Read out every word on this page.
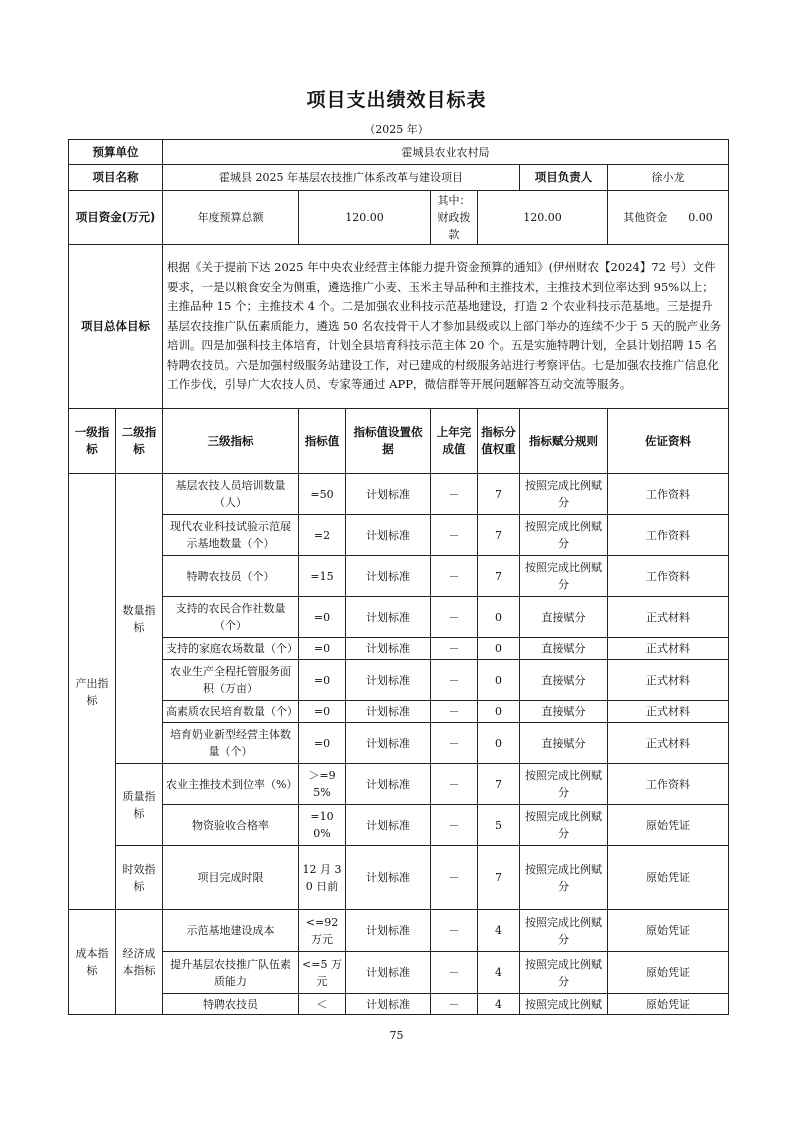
项目支出绩效目标表
（2025 年）
预算单位		霍城县农业农村局						
项目名称		霍城县 2025 年基层农技推广体系改革与建设项目					项目负责人	徐小龙
项目资金(万元)		年度预算总额	120.00		其中：财政拨款	120.00		其他资金 0.00
项目总体目标		根据《关于提前下达 2025 年中央农业经营主体能力提升资金预算的通知》(伊州财农【2024】72 号）文件要求，一是以粮食安全为侧重，遴选推广小麦、玉米主导品种和主推技术，主推技术到位率达到 95%以上；主推品种 15 个；主推技术 4 个。二是加强农业科技示范基地建设，打造 2 个农业科技示范基地。三是提升基层农技推广队伍素质能力，遴选 50 名农技骨干人才参加县级或以上部门举办的连续不少于 5 天的脱产业务培训。四是加强科技主体培育，计划全县培育科技示范主体 20 个。五是实施特聘计划，全县计划招聘 15 名特聘农技员。六是加强村级服务站建设工作，对已建成的村级服务站进行考察评估。七是加强农技推广信息化工作步伐，引导广大农技人员、专家等通过 APP，微信群等开展问题解答互动交流等服务。						
一级指标	二级指标	三级指标	指标值	指标值设置依据	上年完成值	指标分值权重	指标赋分规则	佐证资料
产出指标	数量指标	基层农技人员培训数量（人）	=50	计划标准	－	7	按照完成比例赋分	工作资料
		现代农业科技试验示范展示基地数量（个）	=2	计划标准	－	7	按照完成比例赋分	工作资料
		特聘农技员（个）	=15	计划标准	－	7	按照完成比例赋分	工作资料
		支持的农民合作社数量（个）	=0	计划标准	－	0	直接赋分	正式材料
		支持的家庭农场数量（个）	=0	计划标准	－	0	直接赋分	正式材料
		农业生产全程托管服务面积（万亩）	=0	计划标准	－	0	直接赋分	正式材料
		高素质农民培育数量（个）	=0	计划标准	－	0	直接赋分	正式材料
		培育奶业新型经营主体数量（个）	=0	计划标准	－	0	直接赋分	正式材料
	质量指标	农业主推技术到位率（%）	＞=95%	计划标准	－	7	按照完成比例赋分	工作资料
		物资验收合格率	=100%	计划标准	－	5	按照完成比例赋分	原始凭证
	时效指标	项目完成时限	12 月 30 日前	计划标准	－	7	按照完成比例赋分	原始凭证
成本指标	经济成本指标	示范基地建设成本	<=92 万元	计划标准	－	4	按照完成比例赋分	原始凭证
		提升基层农技推广队伍素质能力	<=5 万元	计划标准	－	4	按照完成比例赋分	原始凭证
		特聘农技员	＜	计划标准	－	4	按照完成比例赋	原始凭证
75
